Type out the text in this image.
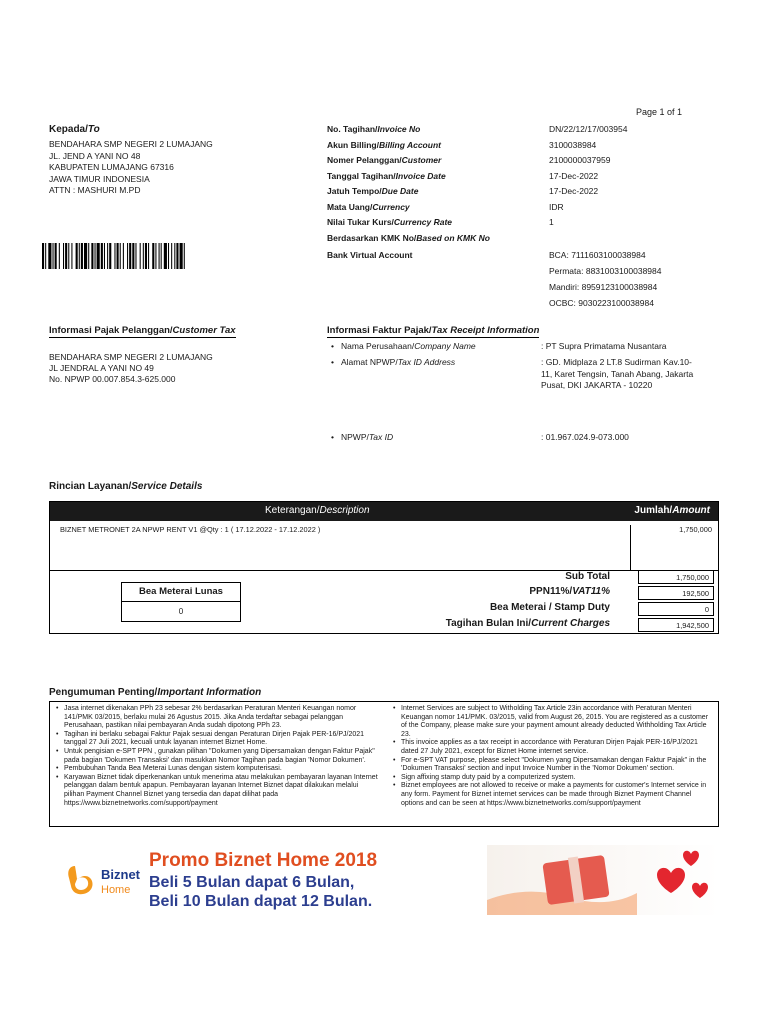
Page 1 of 1
Kepada/To
BENDAHARA SMP NEGERI 2 LUMAJANG
JL. JEND A YANI NO 48
KABUPATEN LUMAJANG 67316
JAWA TIMUR INDONESIA
ATTN : MASHURI M.PD
No. Tagihan/Invoice No	DN/22/12/17/003954
Akun Billing/Billing Account	3100038984
Nomer Pelanggan/Customer	2100000037959
Tanggal Tagihan/Invoice Date	17-Dec-2022
Jatuh Tempo/Due Date	17-Dec-2022
Mata Uang/Currency	IDR
Nilai Tukar Kurs/Currency Rate	1
Berdasarkan KMK No/Based on KMK No
Bank Virtual Account	BCA: 7111603100038984
Permata: 8831003100038984
Mandiri: 8959123100038984
OCBC: 9030223100038984
Informasi Pajak Pelanggan/Customer Tax
BENDAHARA SMP NEGERI 2 LUMAJANG
JL JENDRAL A YANI NO 49
No. NPWP 00.007.854.3-625.000
Informasi Faktur Pajak/Tax Receipt Information
• Nama Perusahaan/Company Name	: PT Supra Primatama Nusantara
• Alamat NPWP/Tax ID Address	: GD. Midplaza 2 LT.8 Sudirman Kav.10-11, Karet Tengsin, Tanah Abang, Jakarta Pusat, DKI JAKARTA - 10220
• NPWP/Tax ID	: 01.967.024.9-073.000
Rincian Layanan/Service Details
Keterangan/Description	Jumlah/Amount
BIZNET METRONET 2A NPWP RENT V1 @Qty : 1 ( 17.12.2022 - 17.12.2022 )	1,750,000
Bea Meterai Lunas
0
Sub Total	1,750,000
PPN11%/VAT11%	192,500
Bea Meterai / Stamp Duty	0
Tagihan Bulan Ini/Current Charges	1,942,500
Pengumuman Penting/Important Information
• Jasa internet dikenakan PPh 23 sebesar 2% berdasarkan Peraturan Menteri Keuangan nomor 141/PMK 03/2015, berlaku mulai 26 Agustus 2015. Jika Anda terdaftar sebagai pelanggan Perusahaan, pastikan nilai pembayaran Anda sudah dipotong PPh 23.
• Tagihan ini berlaku sebagai Faktur Pajak sesuai dengan Peraturan Dirjen Pajak PER-16/PJ/2021 tanggal 27 Juli 2021, kecuali untuk layanan internet Biznet Home.
• Untuk pengisian e-SPT PPN , gunakan pilihan "Dokumen yang Dipersamakan dengan Faktur Pajak" pada bagian 'Dokumen Transaksi' dan masukkan Nomor Tagihan pada bagian 'Nomor Dokumen'.
• Pembubuhan Tanda Bea Meterai Lunas dengan sistem komputerisasi.
• Karyawan Biznet tidak diperkenankan untuk menerima atau melakukan pembayaran layanan Internet pelanggan dalam bentuk apapun. Pembayaran layanan Internet Biznet dapat dilakukan melalui pilihan Payment Channel Biznet yang tersedia dan dapat dilihat pada https://www.biznetnetworks.com/support/payment
• Internet Services are subject to Witholding Tax Article 23in accordance with Peraturan Menteri Keuangan nomor 141/PMK. 03/2015, valid from August 26, 2015. You are registered as a customer of the Company, please make sure your payment amount already deducted Withholding Tax Article 23.
• This invoice applies as a tax receipt in accordance with Peraturan Dirjen Pajak PER-16/PJ/2021 dated 27 July 2021, except for Biznet Home internet service.
• For e-SPT VAT purpose, please select "Dokumen yang Dipersamakan dengan Faktur Pajak" in the 'Dokumen Transaksi' section and input Invoice Number in the 'Nomor Dokumen' section.
• Sign affixing stamp duty paid by a computerized system.
• Biznet employees are not allowed to receive or make a payments for customer's Internet service in any form. Payment for Biznet internet services can be made through Biznet Payment Channel options and can be seen at https://www.biznetnetworks.com/support/payment
Biznet
Home
Promo Biznet Home 2018
Beli 5 Bulan dapat 6 Bulan,
Beli 10 Bulan dapat 12 Bulan.
